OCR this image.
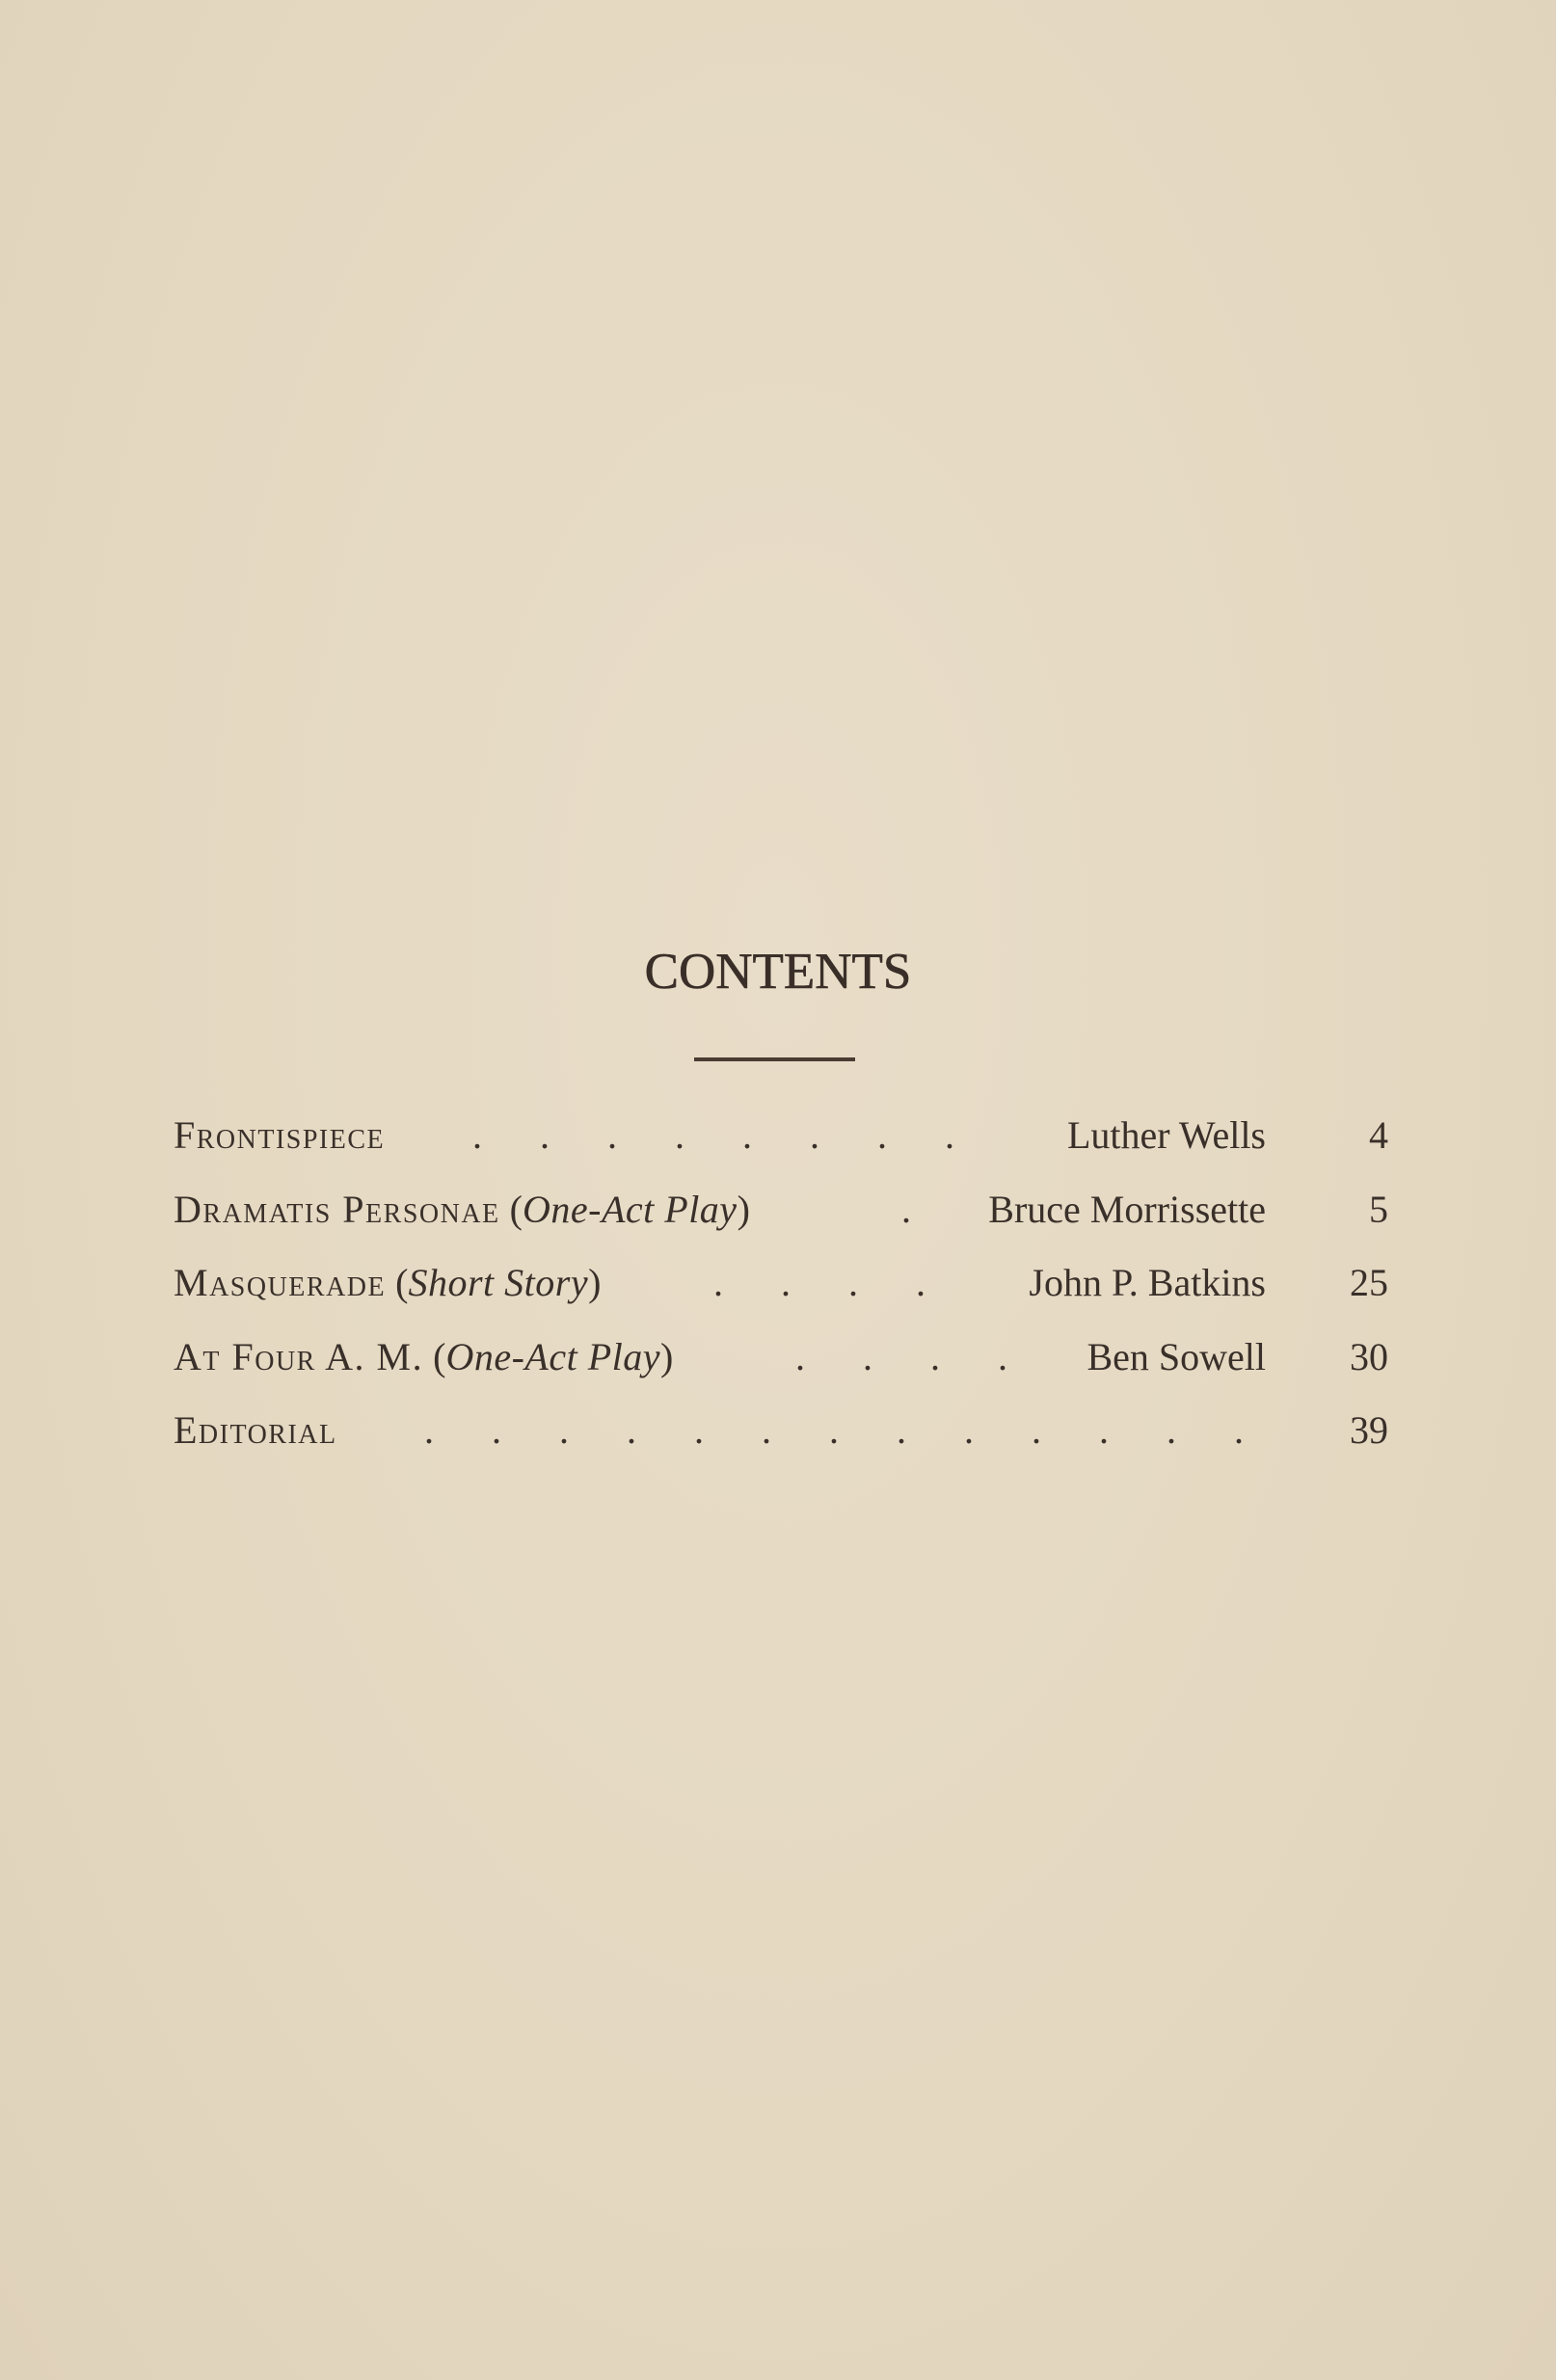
CONTENTS
Frontispiece .      .      .      .      .      .      .      .	Luther Wells	4
Dramatis Personae (One-Act Play)	. Bruce Morrissette	5
Masquerade (Short Story)	.      .      .      .	John P. Batkins 25
At Four A. M. (One-Act Play)	.      .      .      . Ben Sowell 30
Editorial .      .      .      .      .      .      .      .      .      .      .      .      .	39
